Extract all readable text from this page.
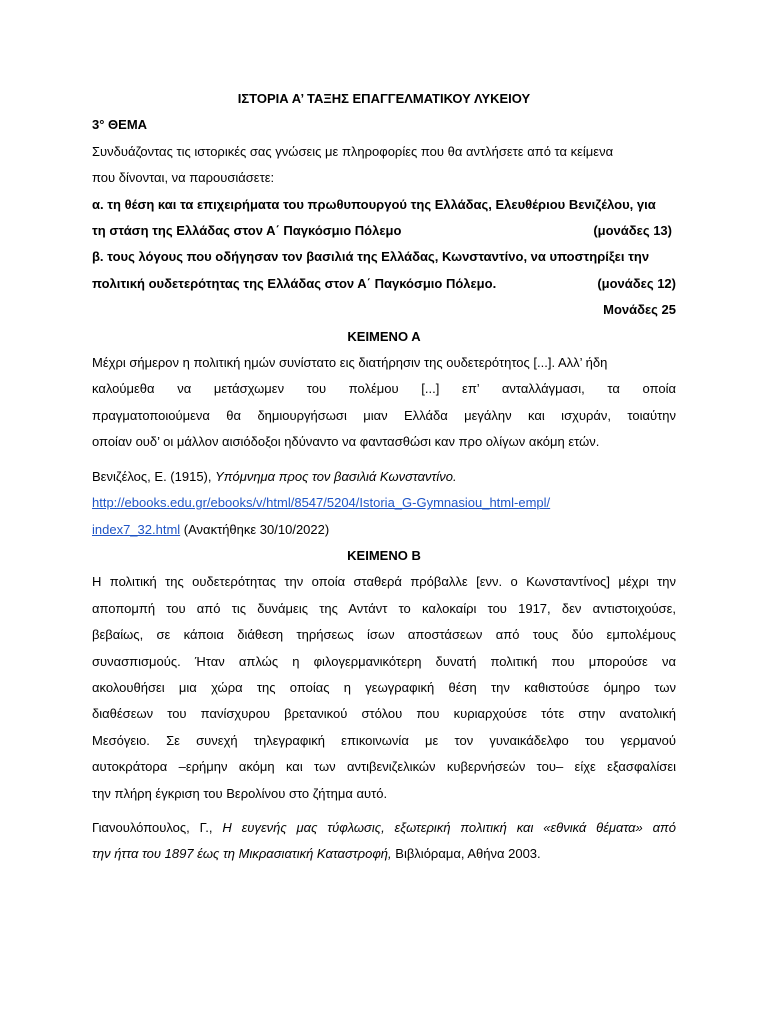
ΙΣΤΟΡΙΑ Α’ ΤΑΞΗΣ ΕΠΑΓΓΕΛΜΑΤΙΚΟΥ ΛΥΚΕΙΟΥ

3° ΘΕΜΑ

Συνδυάζοντας τις ιστορικές σας γνώσεις με πληροφορίες που θα αντλήσετε από τα κείμενα

που δίνονται, να παρουσιάσετε:

α. τη θέση και τα επιχειρήματα του πρωθυπουργού της Ελλάδας, Ελευθέριου Βενιζέλου, για

τη στάση της Ελλάδας στον Α΄ Παγκόσμιο Πόλεμο	(μονάδες 13)

β. τους λόγους που οδήγησαν τον βασιλιά της Ελλάδας, Κωνσταντίνο, να υποστηρίξει την

πολιτική ουδετερότητας της Ελλάδας στον Α΄ Παγκόσμιο Πόλεμο.	(μονάδες 12)

Μονάδες 25

ΚΕΙΜΕΝΟ Α

Μέχρι σήμερον η πολιτική ημών συνίστατο εις διατήρησιν της ουδετερότητος [...]. Αλλ’ ήδη

καλούμεθα να μετάσχωμεν του πολέμου [...] επ’ ανταλλάγμασι, τα οποία

πραγματοποιούμενα θα δημιουργήσωσι μιαν Ελλάδα μεγάλην και ισχυράν, τοιαύτην

οποίαν ουδ’ οι μάλλον αισιόδοξοι ηδύναντο να φαντασθώσι καν προ ολίγων ακόμη ετών.

Βενιζέλος, Ε. (1915), Υπόμνημα προς τον βασιλιά Κωνσταντίνο.

http://ebooks.edu.gr/ebooks/v/html/8547/5204/Istoria_G-Gymnasiou_html-empl/

index7_32.html (Ανακτήθηκε 30/10/2022)

ΚΕΙΜΕΝΟ Β

Η πολιτική της ουδετερότητας την οποία σταθερά πρόβαλλε [ενν. ο Κωνσταντίνος] μέχρι την

αποπομπή του από τις δυνάμεις της Αντάντ το καλοκαίρι του 1917, δεν αντιστοιχούσε,

βεβαίως, σε κάποια διάθεση τηρήσεως ίσων αποστάσεων από τους δύο εμπολέμους

συνασπισμούς. Ήταν απλώς η φιλογερμανικότερη δυνατή πολιτική που μπορούσε να

ακολουθήσει μια χώρα της οποίας η γεωγραφική θέση την καθιστούσε όμηρο των

διαθέσεων του πανίσχυρου βρετανικού στόλου που κυριαρχούσε τότε στην ανατολική

Μεσόγειο. Σε συνεχή τηλεγραφική επικοινωνία με τον γυναικάδελφο του γερμανού

αυτοκράτορα –ερήμην ακόμη και των αντιβενιζελικών κυβερνήσεών του– είχε εξασφαλίσει

την πλήρη έγκριση του Βερολίνου στο ζήτημα αυτό.

Γιανουλόπουλος, Γ., Η ευγενής μας τύφλωσις, εξωτερική πολιτική και «εθνικά θέματα» από

την ήττα του 1897 έως τη Μικρασιατική Καταστροφή, Βιβλιόραμα, Αθήνα 2003.
